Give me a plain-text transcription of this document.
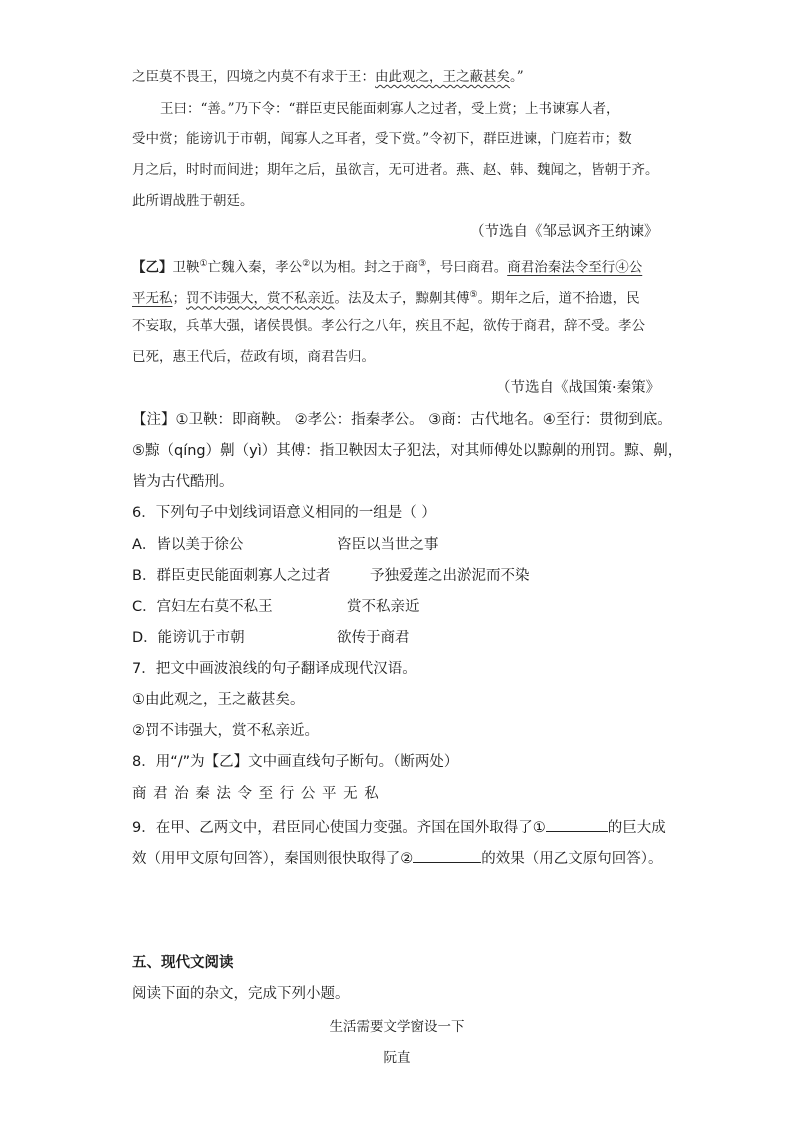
之臣莫不畏王，四境之内莫不有求于王：由此观之，王之蔽甚矣。”
王曰：“善。”乃下令：“群臣吏民能面刺寡人之过者，受上赏；上书谏寡人者，
受中赏；能谤讥于市朝，闻寡人之耳者，受下赏。”令初下，群臣进谏，门庭若市；数
月之后，时时而间进；期年之后，虽欲言，无可进者。燕、赵、韩、魏闻之，皆朝于齐。
此所谓战胜于朝廷。
（节选自《邹忌讽齐王纳谏》
【乙】卫鞅①亡魏入秦，孝公②以为相。封之于商③，号曰商君。商君治秦法令至行④公
平无私；罚不讳强大，赏不私亲近。法及太子，黥劓其傅⑤。期年之后，道不拾遗，民
不妄取，兵革大强，诸侯畏惧。孝公行之八年，疾且不起，欲传于商君，辞不受。孝公
已死，惠王代后，莅政有顷，商君告归。
（节选自《战国策·秦策》
【注】①卫鞅：即商鞅。 ②孝公：指秦孝公。 ③商：古代地名。④至行：贯彻到底。
⑤黥（qíng）劓（yì）其傅：指卫鞅因太子犯法，对其师傅处以黥劓的刑罚。黥、劓，
皆为古代酷刑。
6．下列句子中划线词语意义相同的一组是（ ）
A．皆以美于徐公	咨臣以当世之事
B．群臣吏民能面刺寡人之过者	予独爱莲之出淤泥而不染
C．宫妇左右莫不私王	赏不私亲近
D．能谤讥于市朝	欲传于商君
7．把文中画波浪线的句子翻译成现代汉语。
①由此观之，王之蔽甚矣。
②罚不讳强大，赏不私亲近。
8．用“/”为【乙】文中画直线句子断句。（断两处）
商 君 治 秦 法 令 至 行 公 平 无 私
9．在甲、乙两文中，君臣同心使国力变强。齐国在国外取得了①	的巨大成
效（用甲文原句回答），秦国则很快取得了②	的效果（用乙文原句回答）。
五、现代文阅读
阅读下面的杂文，完成下列小题。
生活需要文学窗设一下
阮直
